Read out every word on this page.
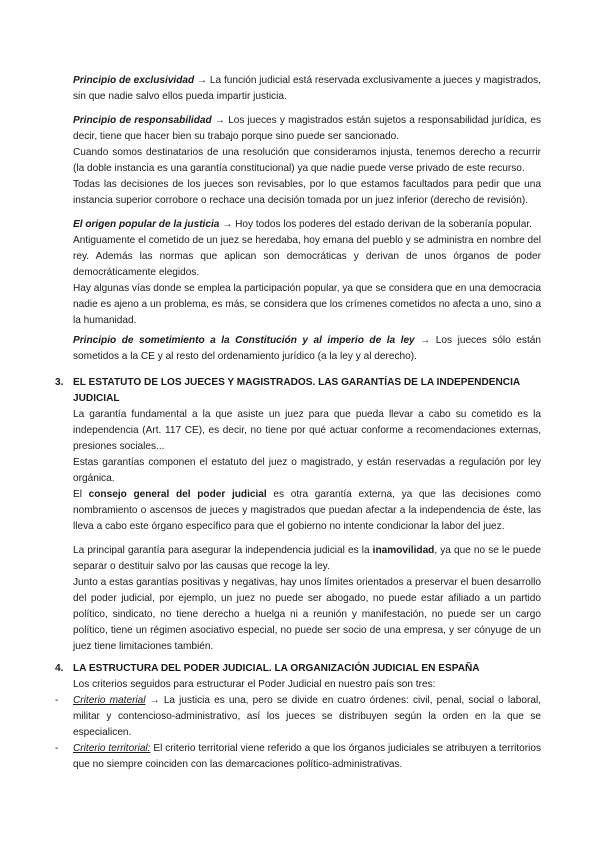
Principio de exclusividad → La función judicial está reservada exclusivamente a jueces y magistrados, sin que nadie salvo ellos pueda impartir justicia.

Principio de responsabilidad → Los jueces y magistrados están sujetos a responsabilidad jurídica, es decir, tiene que hacer bien su trabajo porque sino puede ser sancionado.

Cuando somos destinatarios de una resolución que consideramos injusta, tenemos derecho a recurrir (la doble instancia es una garantía constitucional) ya que nadie puede verse privado de este recurso.

Todas las decisiones de los jueces son revisables, por lo que estamos facultados para pedir que una instancia superior corrobore o rechace una decisión tomada por un juez inferior (derecho de revisión).

El origen popular de la justicia → Hoy todos los poderes del estado derivan de la soberanía popular.

Antiguamente el cometido de un juez se heredaba, hoy emana del pueblo y se administra en nombre del rey. Además las normas que aplican son democráticas y derivan de unos órganos de poder democráticamente elegidos.

Hay algunas vías donde se emplea la participación popular, ya que se considera que en una democracia nadie es ajeno a un problema, es más, se considera que los crímenes cometidos no afecta a uno, sino a la humanidad.

Principio de sometimiento a la Constitución y al imperio de la ley → Los jueces sólo están sometidos a la CE y al resto del ordenamiento jurídico (a la ley y al derecho).

3. EL ESTATUTO DE LOS JUECES Y MAGISTRADOS. LAS GARANTÍAS DE LA INDEPENDENCIA JUDICIAL

La garantía fundamental a la que asiste un juez para que pueda llevar a cabo su cometido es la independencia (Art. 117 CE), es decir, no tiene por qué actuar conforme a recomendaciones externas, presiones sociales...

Estas garantías componen el estatuto del juez o magistrado, y están reservadas a regulación por ley orgánica.

El consejo general del poder judicial es otra garantía externa, ya que las decisiones como nombramiento o ascensos de jueces y magistrados que puedan afectar a la independencia de éste, las lleva a cabo este órgano específico para que el gobierno no intente condicionar la labor del juez.

La principal garantía para asegurar la independencia judicial es la inamovilidad, ya que no se le puede separar o destituir salvo por las causas que recoge la ley.

Junto a estas garantías positivas y negativas, hay unos límites orientados a preservar el buen desarrollo del poder judicial, por ejemplo, un juez no puede ser abogado, no puede estar afiliado a un partido político, sindicato, no tiene derecho a huelga ni a reunión y manifestación, no puede ser un cargo político, tiene un régimen asociativo especial, no puede ser socio de una empresa, y ser cónyuge de un juez tiene limitaciones también.

4. LA ESTRUCTURA DEL PODER JUDICIAL. LA ORGANIZACIÓN JUDICIAL EN ESPAÑA

Los criterios seguidos para estructurar el Poder Judicial en nuestro país son tres:

- Criterio material → La justicia es una, pero se divide en cuatro órdenes: civil, penal, social o laboral, militar y contencioso-administrativo, así los jueces se distribuyen según la orden en la que se especialicen.

- Criterio territorial: El criterio territorial viene referido a que los órganos judiciales se atribuyen a territorios que no siempre coinciden con las demarcaciones político-administrativas.
